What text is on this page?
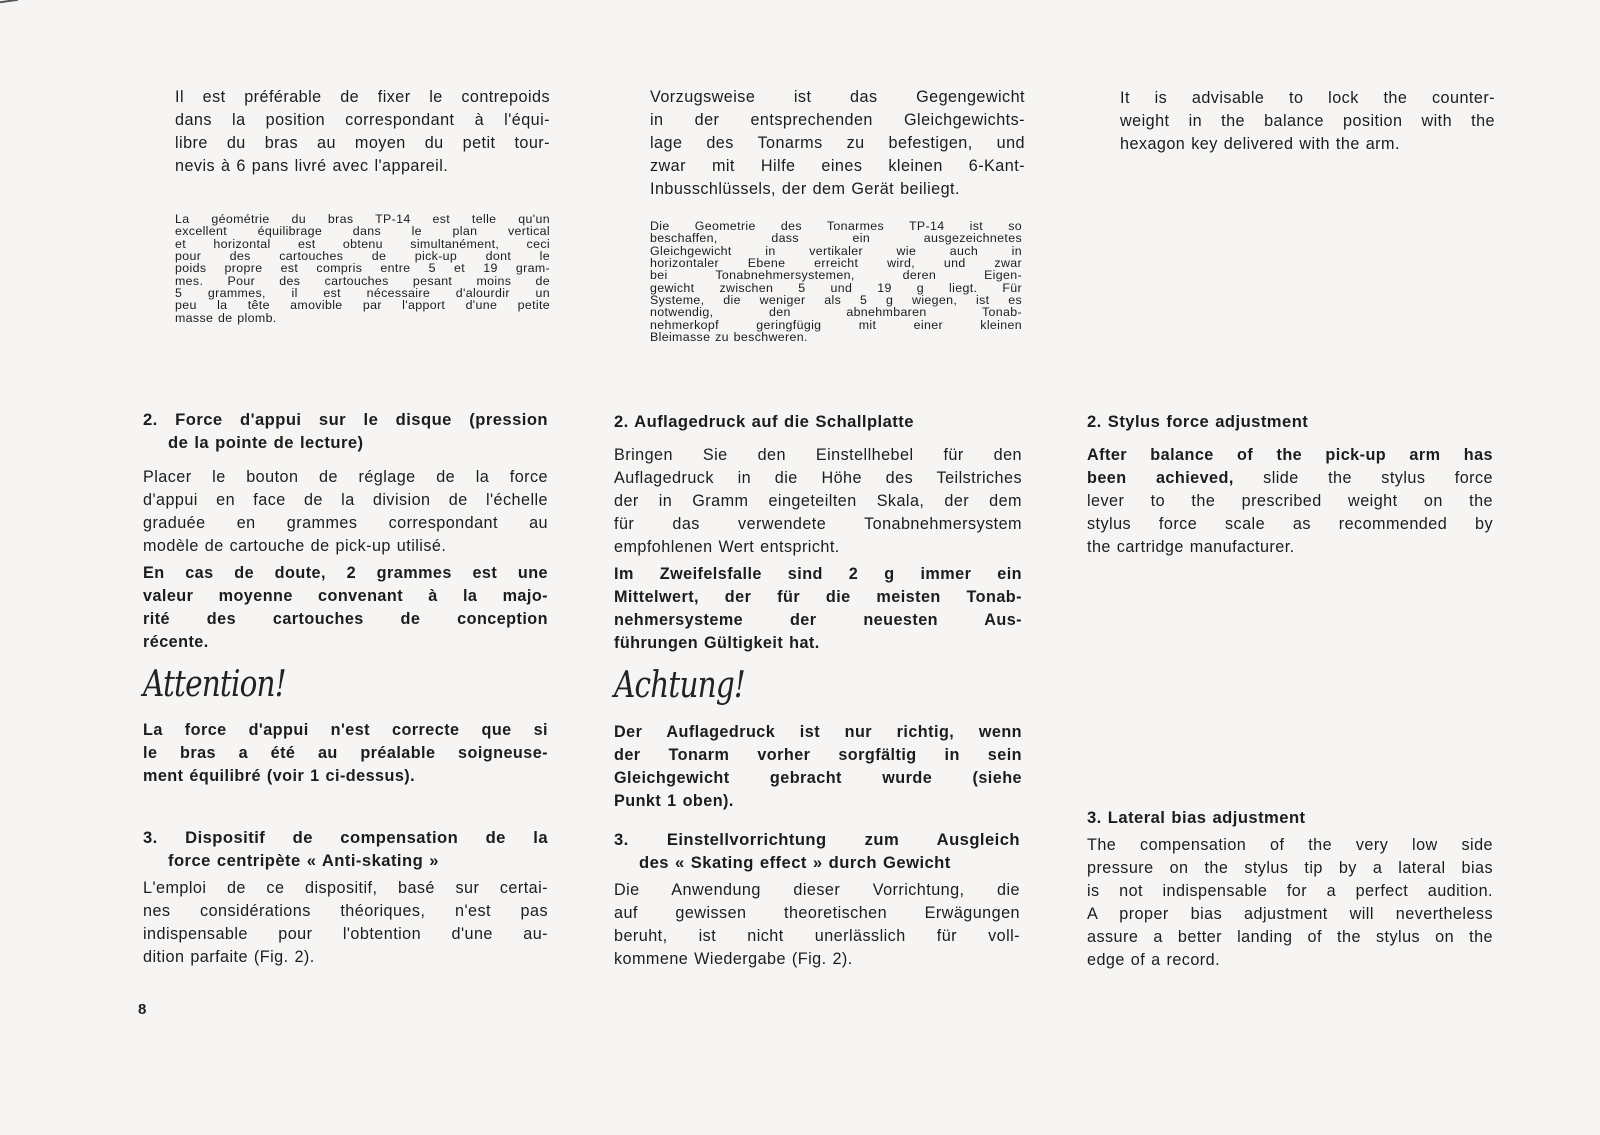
Il est préférable de fixer le contrepoids
dans la position correspondant à l'équi-
libre du bras au moyen du petit tour-
nevis à 6 pans livré avec l'appareil.
La géométrie du bras TP-14 est telle qu'un
excellent équilibrage dans le plan vertical
et horizontal est obtenu simultanément, ceci
pour des cartouches de pick-up dont le
poids propre est compris entre 5 et 19 gram-
mes. Pour des cartouches pesant moins de
5 grammes, il est nécessaire d'alourdir un
peu la tête amovible par l'apport d'une petite
masse de plomb.
2. Force d'appui sur le disque (pression
de la pointe de lecture)
Placer le bouton de réglage de la force
d'appui en face de la division de l'échelle
graduée en grammes correspondant au
modèle de cartouche de pick-up utilisé.
En cas de doute, 2 grammes est une
valeur moyenne convenant à la majo-
rité des cartouches de conception
récente.
Attention!
La force d'appui n'est correcte que si
le bras a été au préalable soigneuse-
ment équilibré (voir 1 ci-dessus).
3. Dispositif de compensation de la
force centripète « Anti-skating »
L'emploi de ce dispositif, basé sur certai-
nes considérations théoriques, n'est pas
indispensable pour l'obtention d'une au-
dition parfaite (Fig. 2).
8
Vorzugsweise ist das Gegengewicht
in der entsprechenden Gleichgewichts-
lage des Tonarms zu befestigen, und
zwar mit Hilfe eines kleinen 6-Kant-
Inbusschlüssels, der dem Gerät beiliegt.
Die Geometrie des Tonarmes TP-14 ist so
beschaffen, dass ein ausgezeichnetes
Gleichgewicht in vertikaler wie auch in
horizontaler Ebene erreicht wird, und zwar
bei Tonabnehmersystemen, deren Eigen-
gewicht zwischen 5 und 19 g liegt. Für
Systeme, die weniger als 5 g wiegen, ist es
notwendig, den abnehmbaren Tonab-
nehmerkopf geringfügig mit einer kleinen
Bleimasse zu beschweren.
2. Auflagedruck auf die Schallplatte
Bringen Sie den Einstellhebel für den
Auflagedruck in die Höhe des Teilstriches
der in Gramm eingeteilten Skala, der dem
für das verwendete Tonabnehmersystem
empfohlenen Wert entspricht.
Im Zweifelsfalle sind 2 g immer ein
Mittelwert, der für die meisten Tonab-
nehmersysteme der neuesten Aus-
führungen Gültigkeit hat.
Achtung!
Der Auflagedruck ist nur richtig, wenn
der Tonarm vorher sorgfältig in sein
Gleichgewicht gebracht wurde (siehe
Punkt 1 oben).
3. Einstellvorrichtung zum Ausgleich
des « Skating effect » durch Gewicht
Die Anwendung dieser Vorrichtung, die
auf gewissen theoretischen Erwägungen
beruht, ist nicht unerlässlich für voll-
kommene Wiedergabe (Fig. 2).
It is advisable to lock the counter-
weight in the balance position with the
hexagon key delivered with the arm.
2. Stylus force adjustment
After balance of the pick-up arm has
been achieved, slide the stylus force
lever to the prescribed weight on the
stylus force scale as recommended by
the cartridge manufacturer.
3. Lateral bias adjustment
The compensation of the very low side
pressure on the stylus tip by a lateral bias
is not indispensable for a perfect audition.
A proper bias adjustment will nevertheless
assure a better landing of the stylus on the
edge of a record.
